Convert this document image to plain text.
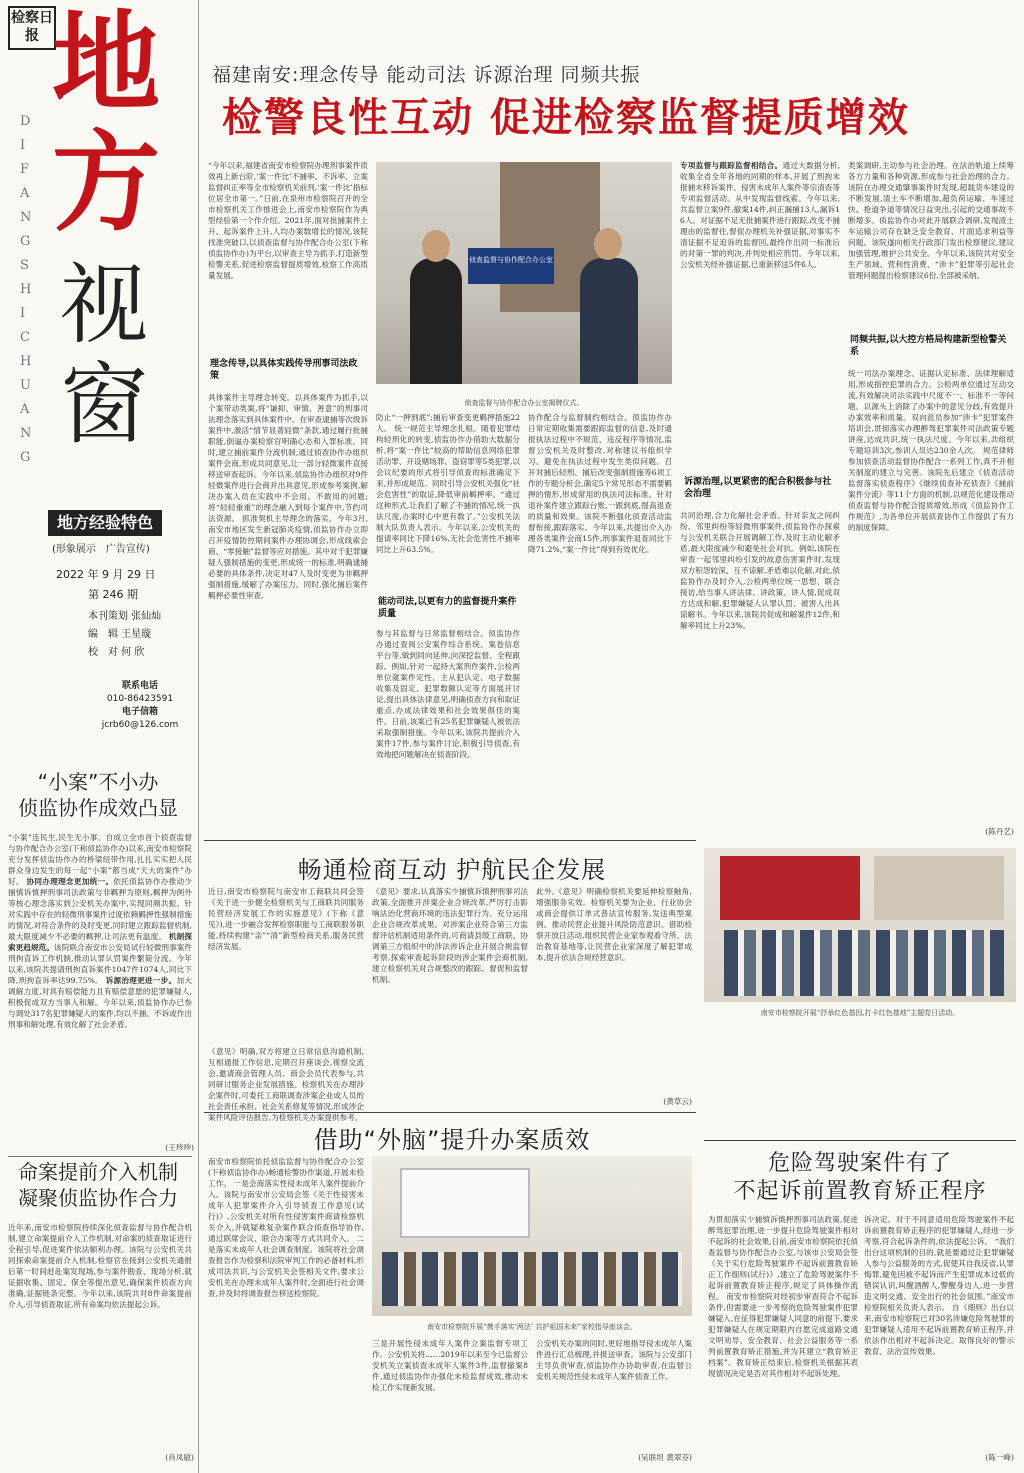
检察日报 地
方
视
窗
D I F A N G S H I C H U A N G
地方经验特色
(形象展示　广告宣传)
2022 年 9 月 29 日
第 246 期
本刊策划 张仙灿
编　辑 王星璇
校　对 何 欣
联系电话
010-86423591
电子信箱
jcrb60@126.com
“小案”不小办
侦监协作成效凸显
“小案”连民生,民生无小事。自成立全市首个侦查监督与协作配合办公室(下称侦监协作办)以来,南安市检察院充分发挥侦监协作办的桥梁纽带作用,扎扎实实把人民群众身边发生的每一起“小案”都当成“天大的案件”办好。 协同办理理念更加统一。依托侦监协作办推动少捕慎诉慎押刑事司法政策与非羁押为原则,羁押为例外等核心理念落实到公安机关办案中,实现同频共振。针对实践中存在的轻微刑事案件过度依赖羁押性强制措施的情况,对符合条件的及时变更,同时建立跟踪监督机制,最大限度减少不必要的羁押,让司法更有温度。 机制探索更趋规范。该院联合南安市公安局试行轻微刑事案件刑拘直诉工作机制,推动认罪认罚案件繁简分流。今年以来,该院共提请刑拘直诉案件1047件1074人,同比下降,刑拘直诉率达99.75%。 诉源治理更进一步。加大调解力度,对具有赔偿能力且有赔偿意愿的犯罪嫌疑人,积极促成双方当事人和解。今年以来,侦监协作办已参与调处317名犯罪嫌疑人的案件,均以不捕、不诉或作出刑事和解处理,有效化解了社会矛盾。
(王珍珍)
命案提前介入机制
凝聚侦监协作合力
近年来,南安市检察院持续深化侦查监督与协作配合机制,建立命案提前介入工作机制,对命案的侦查取证进行全程引导,促进案件依法顺利办理。该院与公安机关共同探索命案提前介入机制,检察官在接到公安机关通报后第一时间赶赴案发现场,参与案件勘查、现场分析,就证据收集、固定、保全等提出意见,确保案件侦查方向准确,证据链条完整。今年以来,该院共对8件命案提前介入,引导侦查取证,所有命案均依法提起公诉。
(肖凤敏)
福建南安:理念传导 能动司法 诉源治理 同频共振
检警良性互动 促进检察监督提质增效
“今年以来,福建省南安市检察院办理刑事案件质效再上新台阶,‘案一件比’不捕率、不诉率、立案监督纠正率等全市检察机关前列,‘案一件比’指标位居全市第一。”日前,在泉州市检察院召开的全市检察机关工作推进会上,南安市检察院作为典型经验第一个作介绍。2021年,面对批捕案件上升、起诉案件上升,人均办案数增长的情况,该院找准突破口,以侦查监督与协作配合办公室(下称侦监协作办)为平台,以审查主导为抓手,打造新型检警关系,促进检察监督提质增效,检察工作高质量发展。
理念传导,以具体实践传导刑事司法政策
具体案件主导理念转变。以具体案件为抓手,以个案带动类案,将“谦抑、审慎、善意”的刑事司法理念落实到具体案件中。在审查逮捕等次级诉案件中,激活“情节显著轻微”条款,通过履行批捕职能,倒逼办案检察官明确心态和入罪标准。同时,建立捕前案件分流机制,通过侦查协作办组织案件会商,形成共同意见,让一部分轻微案件直接移送审查起诉。今年以来,侦监协作办组织对9件轻微案件进行会商并出具意见,形成参考案例,解决办案人员在实践中不会用、不敢用的问题;将“轻轻重重”的理念融入到每个案件中,节约司法资源。 抓准契机主导理念的落实。今年3月,南安市地区发生新冠肺炎疫情,侦监协作办立即召开疫情防控期间案件办理协调会,形成线索会商、“零接触”监督等应对措施。其中对于犯罪嫌疑人强制措施的变更,形成统一的标准,明确逮捕必要的具体条件,决定对47人及时变更为非羁押强制措施,缓解了办案压力。同时,强化捕后案件羁押必要性审查,
侦查监督与协作配合办公室
侦查监督与协作配合办公室揭牌仪式。
防止“一押到底”;捕后审查变更羁押措施22人。 统一规范主导理念扎根。随着犯罪结构轻刑化的转变,侦监协作办借助大数据分析,将“案一件比”较高的帮助信息网络犯罪活动罪、开设赌场罪、盗窃罪等5类犯罪,以会议纪要的形式将引导侦查的标准确定下来,并形成规范。同时引导公安机关强化“社会危害性”的取证,降低审前羁押率。“通过这种形式,让我们了解了不捕的情况,统一执法尺度,办案时心中更有数了。”公安机关法制大队负责人表示。今年以来,公安机关的提请率同比下降16%,无社会危害性不捕率同比上升63.5%。
能动司法,以更有力的监督提升案件质量
参与其监督与日常监督相结合。侦监协作办通过查阅公安案件综合系统、案卷信息平台等,做到同向延伸,向深挖监督、全程跟踪。例如,针对一起持大案刑件案件,公检两单位就案件定性、主从犯认定、电子数据收集及固定、犯罪数额认定等方面展开讨论,提出具体法律意见,明确侦查方向和取证重点,办成法律效果和社会效果俱佳的案件。日前,该案已有25名犯罪嫌疑人被依法采取强制措施。今年以来,该院共提前介入案件17件,参与案件讨论,积极引导侦查,有效地把问题解决在侦查阶段。
协作配合与监督制约相结合。侦监协作办日常定期收集需要跟踪监督的信息,及时通报执法过程中不规范、违反程序等情况,监督公安机关及时整改,对称建议书组织学习。避免在执法过程中发生类似问题。召开对捕后轻刑、捕后改变强制措施等6项工作的专题分析会,确定5个常见形态不需要羁押的情形,形成常用的执法司法标准。针对退补案件建立跟踪台账,一跟到底,提高退查的质量和效果。该院不断强化侦查活动监督衔接,跟踪落实。今年以来,共提出介入办理各类案件会商15件,刑事案件退查同比下降71.2%,“案一件比”得到有效优化。
专项监督与跟踪监督相结合。通过大数据分析,收集全省全年各地的同期的样本,开展了刑拘未报捕未移诉案件、侵害未成年人案件等宗清查等专项监督活动。从中发现监督线索。今年以来,共监督立案9件,撤案14件,纠正漏捕13人,漏诉16人。对证据不足无批捕案件进行跟踪,改变不捕理由的监督往,督促办理机关补强证据,对事实不清证据不足追诉的监督回,最终作出同一标准后的对第一罪的判决,并判处相应刑罚。今年以来,公安机关经补强证据,已重新移送5件6人。
诉源治理,以更紧密的配合积极参与社会治理
共同治理,合力化解社会矛盾。针对亲友之间纠纷、邻里纠纷等轻微刑事案件,侦监协作办探索与公安机关联合开展调解工作,及时主动化解矛盾,最大限度减少和避免社会对抗。例如,该院在审查一起邻里纠纷引发的故意伤害案件时,发现双方积怨较深、互不谅解,矛盾难以化解,对此,侦监协作办及时介入,公检两单位统一思想、联合接访,给当事人讲法律、讲政策、讲人情,促成双方达成和解,犯罪嫌疑人认罪认罚、被害人出具谅解书。今年以来,该院共促成和解案件12件,和解率同比上升23%。
类案调研,主动参与社会治理。在法治轨道上续筹各方力量和各种资源,形成参与社会治理的合力。该院在办理交通肇事案件时发现,超载货车建设的不断发展,渣土车不断增加,超负荷运输、车速过快、抢道争道等情况日益突出,引起的交通事故不断增多。侦监协作办对此开展联合调研,发现渣土车运输公司存在缺乏安全教育、片面追求利益等问题。该院遂向相关行政部门发出检察建议,建议加强管理,维护公共安全。今年以来,该院共对安全生产领域、营利性消费、“涉卡”犯罪等引起社会管理问题提出检察建议6份,全部被采纳。
同频共振,以大控方格局构建新型检警关系
统一司法办案理念、证据认定标准、法律理解适用,形成指控犯罪的合力。公检两单位通过互动交流,有效解决司法实践中尺度不一、标准不一等问题。以源头上消除了办案中的意见分歧,有效提升办案效率和质量。双向派员参加“涉卡”犯罪案件培训会,贯彻落实办理醉驾犯罪案件司法政策专题讲座,达成共识,统一执法尺度。今年以来,共组织专题培训3次,参训人员达230余人次。 规范律师参加侦查活动监督协作配合一系列工作,真不开相关制度的建立与完善。该院先后建立《侦查活动监督落实侦查程序》《继续侦查补充侦查》《捕前案件分流》等11个方面的机制,以规范化建设推动侦查监督与协作配合提质增效,形成《侦监协作工作规范》,为各单位开展侦查协作工作提供了有力的制度保障。
(陈丹艺)
畅通检商互动 护航民企发展
近日,南安市检察院与南安市工商联共同会签《关于进一步健全检察机关与工商联共同服务民营经济发展工作的实施意见》(下称《意见》),进一步融合发挥检察职能与工商联服务职能,持续构建“亲”“清”新型检商关系,服务民营经济发展。
《意见》明确,双方将建立日常信息沟通机制,互相通报工作信息,定期召开座谈会,视察交流会,邀请商会管理人员、商会会员代表参与,共同研讨服务企业发展措施。检察机关在办理涉企案件时,可委托工商联调查涉案企业或人员的社会责任承担、社会关系修复等情况,形成涉企案件风险评估报告,为检察机关办案提供参考。
《意见》要求,认真落实少捕慎诉慎押刑事司法政策,全面推开涉案企业合规改革,严厉打击影响法治化营商环境的违法犯罪行为。充分运用企业合规改革成果。对涉案企业符合第三方监督评估机制适用条件的,可商请县级工商联、协调第三方组织中的涉法涉诉企业开展合规监督考察,探索审查起诉阶段的涉企案件会商机制,建立检察机关对合规整改的跟踪、督促和监督机制。
此外,《意见》明确检察机关要延伸检察触角,增强服务实效。检察机关要为企业、行业协会或商会提供订单式普法宣传服务,发送典型案例。推动民营企业提升风险防范意识。借助检察开放日活动,组织民营企业家参观看守所、法治教育基地等,让民营企业家深度了解犯罪成本,提升依法合规经营意识。
(黄草云)
南安市检察院开展“抒承红色基因,打卡红色基地”主题党日活动。
借助“外脑”提升办案质效
南安市检察院依托侦监监督与协作配合办公室(下称侦监协作办)畅通检警协作渠道,开展未检工作。 一是会商落实性侵未成年人案件提前介入。该院与南安市公安局会签《关于性侵害未成年人犯罪案件介入引导侦查工作意见(试行)》,公安机关对所有性侵害案件商请检察机关介入,并就疑难复杂案件联合侦查指导协作,通过联席会议、联合办案等方式共同介入。 二是落实未成年人社会调查制度。该院将社会调查报告作为检察和法院审判工作的必备材料,形成司法共识,与公安机关会签相关文件,要求公安机关在办理未成年人案件时,全面进行社会调查,并及时将调查报告移送检察院。
南安市检察院开展“携手落实‘两法’ 共护祖国未来”家校指导座谈会。
三是开展性侵未成年人案件立案监督专项工作。公安机关将……2019年以来至今已监督公安机关立案侦查未成年人案件3件,监督撤案8件,通过侦监协作办强化未检监督成效,推动未检工作实现新发展。
公安机关办案的同时,更好地指导侵未成年人案件进行汇总梳理,并报送审查。该院与公安部门主导负责审查,侦监协作办协助审查,在监督公安机关规范性侵未成年人案件侦查工作。
(吴联坦 黄翠芬)
危险驾驶案件有了
不起诉前置教育矫正程序
为贯彻落实少捕慎诉慎押刑事司法政策,促进醉驾犯罪治理,进一步提升危险驾驶案件相对不起诉的社会效果,日前,南安市检察院依托侦查监督与协作配合办公室,与该市公安局会签《关于实行危险驾驶案件不起诉前置教育矫正工作细则(试行)》,建立了危险驾驶案件不起诉前置教育矫正程序,规定了具体操作流程。 南安市检察院对经初步审查符合不起诉条件,但需要进一步考察的危险驾驶案件犯罪嫌疑人,在征得犯罪嫌疑人同意的前提下,要求犯罪嫌疑人在规定期限内自愿完成道路交通文明劝导、安全教育、社会公益服务等一系列前置教育矫正措施,并为其建立“教育矫正档案”。教育矫正结束后,检察机关根据其表现情况决定是否对其作相对不起诉处理。
诉决定。对于不同意适用危险驾驶案件不起诉前置教育矫正程序的犯罪嫌疑人,经进一步考察,符合起诉条件的,依法提起公诉。 “我们出台这项机制的目的,就是要通过让犯罪嫌疑人参与公益服务的方式,促使其自我反省,认罪悔罪,避免因被不起诉而产生犯罪成本过低的错误认识,叫醒酒醉人,警醒身边人,进一步营造文明交通、安全出行的社会氛围。”南安市检察院相关负责人表示。 自《细则》出台以来,南安市检察院已对30名涉嫌危险驾驶罪的犯罪嫌疑人适用不起诉前置教育矫正程序,并依法作出相对不起诉决定。取得良好的警示教育、法治宣传效果。
(陈一峰)
